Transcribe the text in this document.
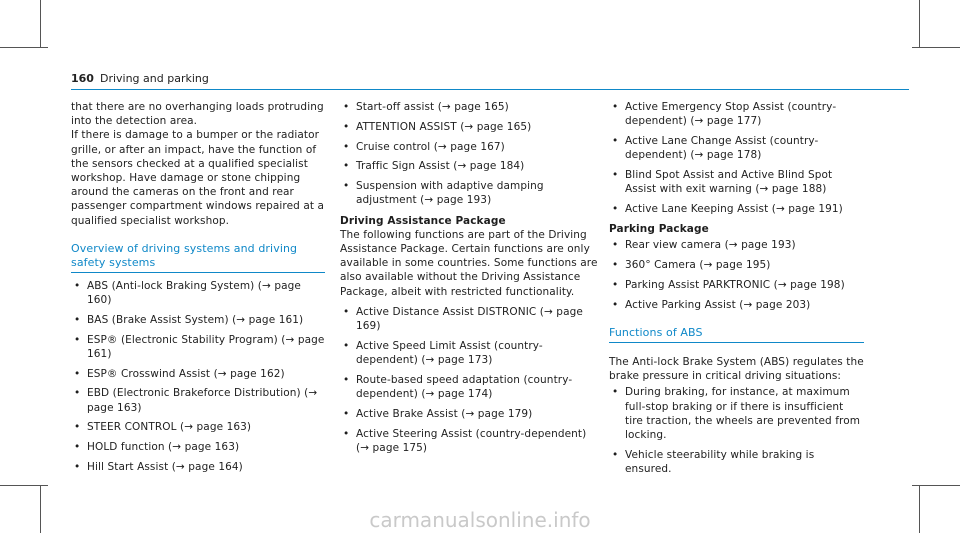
160 Driving and parking

that there are no overhanging loads protruding into the detection area.

If there is damage to a bumper or the radiator grille, or after an impact, have the function of the sensors checked at a qualified specialist workshop. Have damage or stone chipping around the cameras on the front and rear passenger compartment windows repaired at a qualified specialist workshop.

Overview of driving systems and driving safety systems
• ABS (Anti-lock Braking System) (→ page 160)
• BAS (Brake Assist System) (→ page 161)
• ESP® (Electronic Stability Program) (→ page 161)
• ESP® Crosswind Assist (→ page 162)
• EBD (Electronic Brakeforce Distribution) (→ page 163)
• STEER CONTROL (→ page 163)
• HOLD function (→ page 163)
• Hill Start Assist (→ page 164)
• Start-off assist (→ page 165)
• ATTENTION ASSIST (→ page 165)
• Cruise control (→ page 167)
• Traffic Sign Assist (→ page 184)
• Suspension with adaptive damping adjustment (→ page 193)
Driving Assistance Package

The following functions are part of the Driving Assistance Package. Certain functions are only available in some countries. Some functions are also available without the Driving Assistance Package, albeit with restricted functionality.

• Active Distance Assist DISTRONIC (→ page 169)
• Active Speed Limit Assist (country-dependent) (→ page 173)
• Route-based speed adaptation (country-dependent) (→ page 174)
• Active Brake Assist (→ page 179)
• Active Steering Assist (country-dependent) (→ page 175)
• Active Emergency Stop Assist (country-dependent) (→ page 177)
• Active Lane Change Assist (country-dependent) (→ page 178)
• Blind Spot Assist and Active Blind Spot Assist with exit warning (→ page 188)
• Active Lane Keeping Assist (→ page 191)
Parking Package
• Rear view camera (→ page 193)
• 360° Camera (→ page 195)
• Parking Assist PARKTRONIC (→ page 198)
• Active Parking Assist (→ page 203)
Functions of ABS

The Anti-lock Brake System (ABS) regulates the brake pressure in critical driving situations:

• During braking, for instance, at maximum full-stop braking or if there is insufficient tire traction, the wheels are prevented from locking.
• Vehicle steerability while braking is ensured.
carmanualsonline.info
